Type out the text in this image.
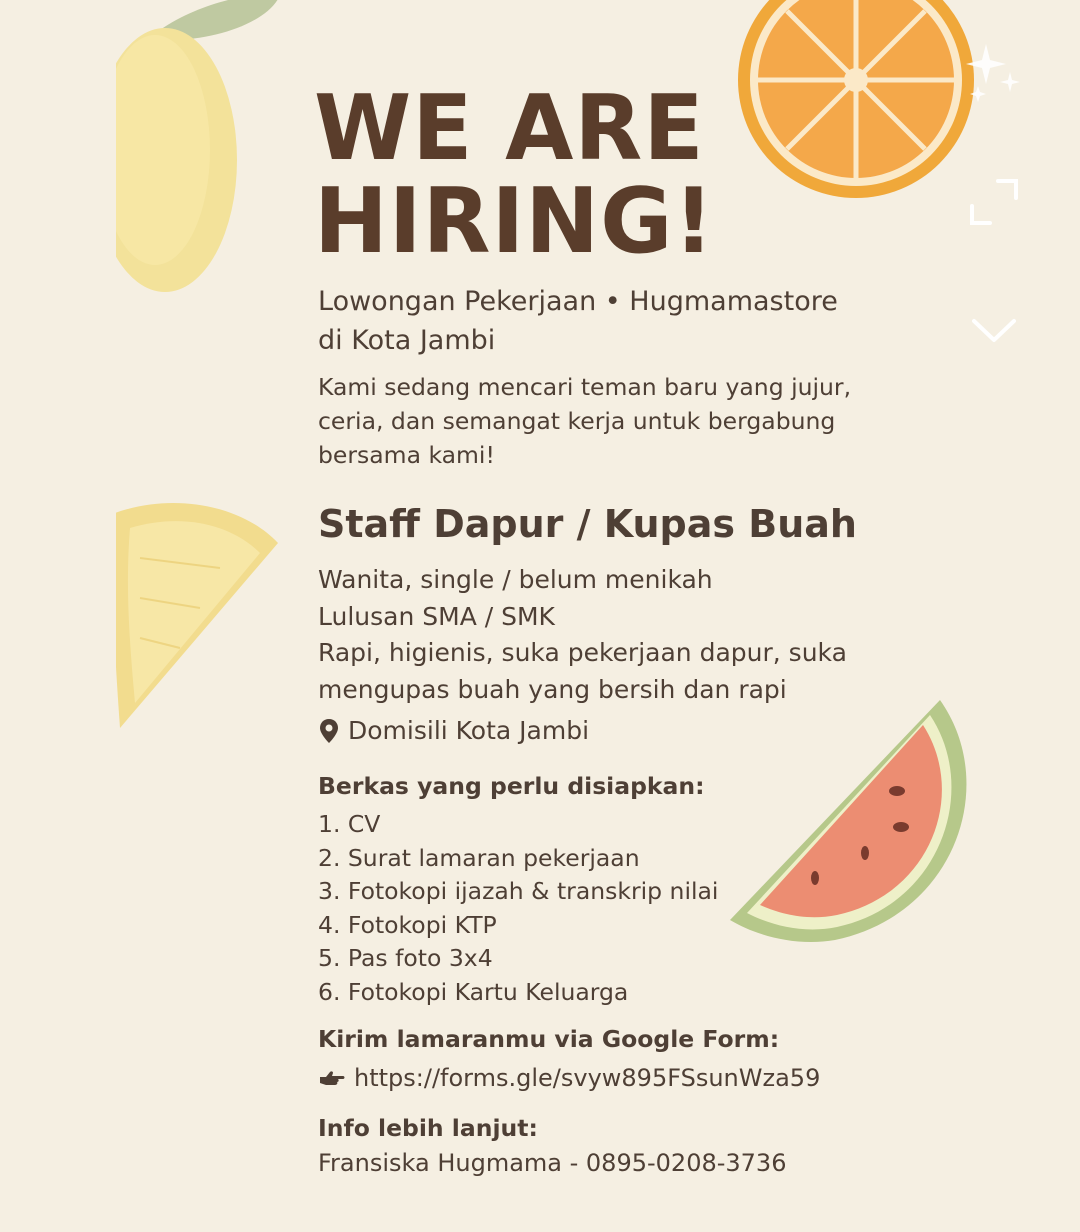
WE ARE
HIRING!
Lowongan Pekerjaan • Hugmamastore
di Kota Jambi
Kami sedang mencari teman baru yang jujur,
ceria, dan semangat kerja untuk bergabung
bersama kami!
Staff Dapur / Kupas Buah
Wanita, single / belum menikah
Lulusan SMA / SMK
Rapi, higienis, suka pekerjaan dapur, suka
mengupas buah yang bersih dan rapi
Domisili Kota Jambi
Berkas yang perlu disiapkan:
1. CV
2. Surat lamaran pekerjaan
3. Fotokopi ijazah & transkrip nilai
4. Fotokopi KTP
5. Pas foto 3x4
6. Fotokopi Kartu Keluarga
Kirim lamaranmu via Google Form:
https://forms.gle/svyw895FSsunWza59
Info lebih lanjut:
Fransiska Hugmama - 0895-0208-3736
